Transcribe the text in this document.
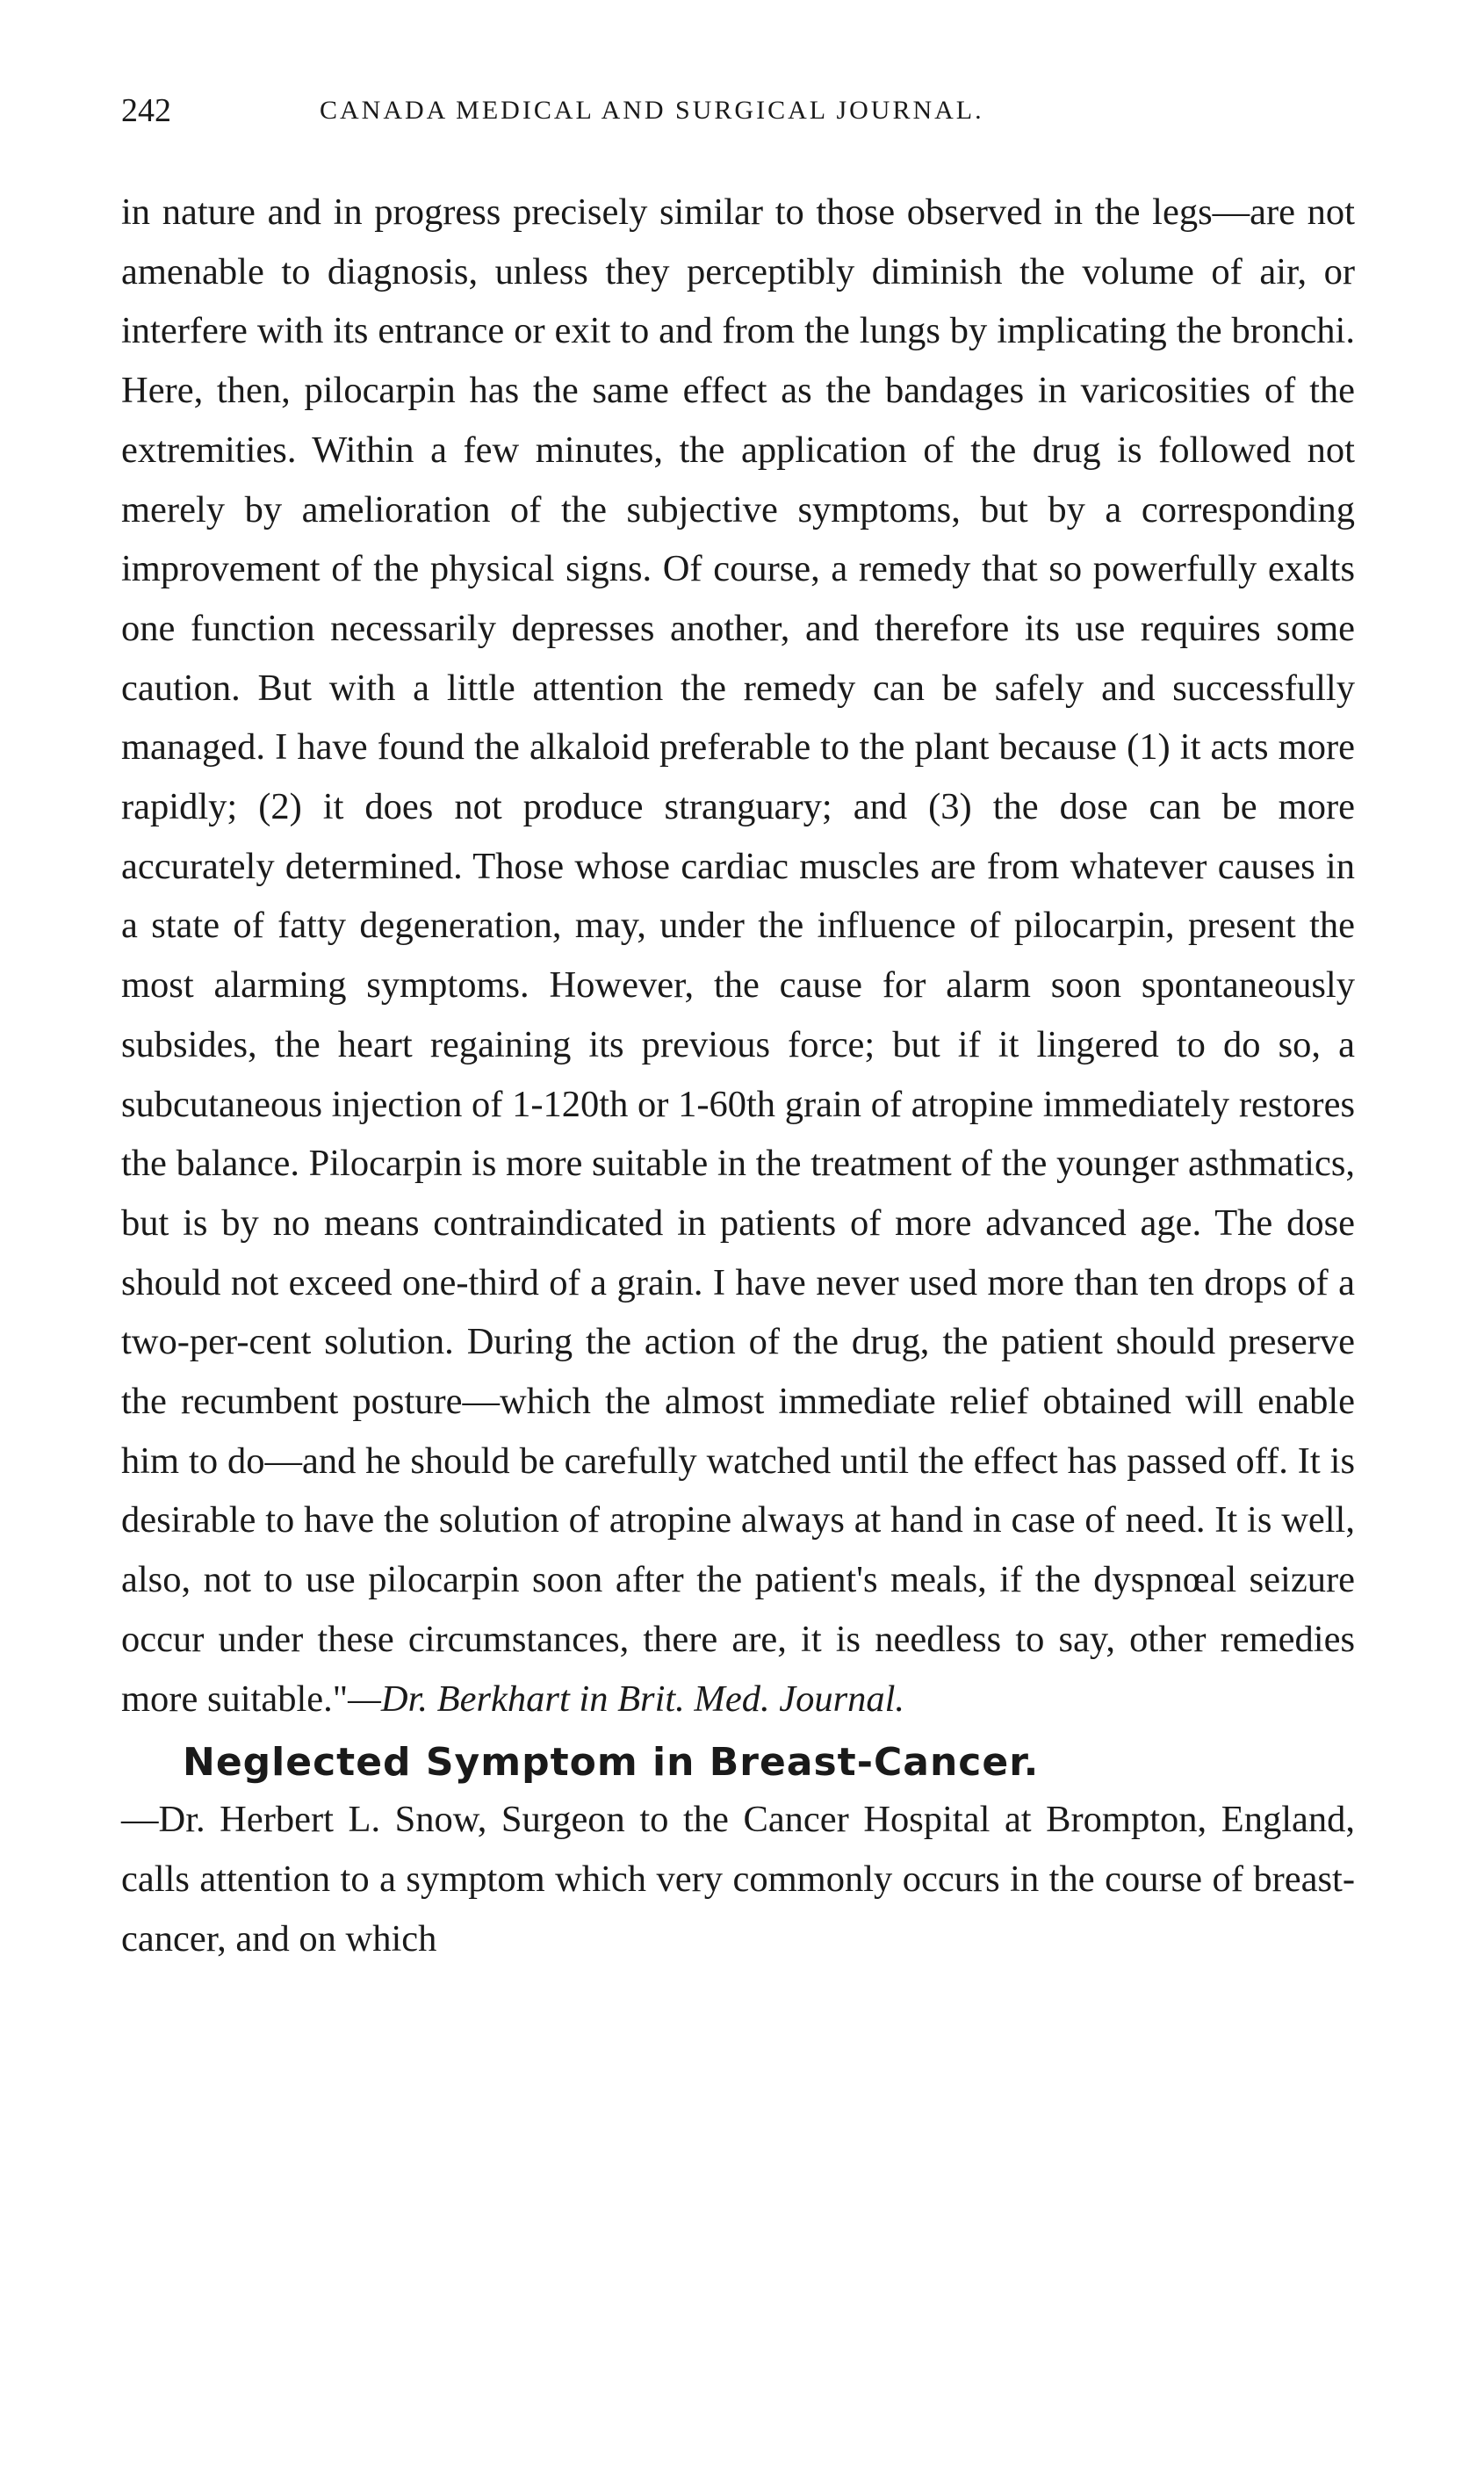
242	CANADA MEDICAL AND SURGICAL JOURNAL.

in nature and in progress precisely similar to those observed in the legs—are not amenable to diagnosis, unless they perceptibly diminish the volume of air, or interfere with its entrance or exit to and from the lungs by implicating the bronchi. Here, then, pilocarpin has the same effect as the bandages in varicosities of the extremities. Within a few minutes, the application of the drug is followed not merely by amelioration of the subjective symptoms, but by a corresponding improvement of the physical signs. Of course, a remedy that so powerfully exalts one function necessarily depresses another, and therefore its use requires some caution. But with a little attention the remedy can be safely and successfully managed. I have found the alkaloid preferable to the plant because (1) it acts more rapidly; (2) it does not produce stranguary; and (3) the dose can be more accurately determined. Those whose cardiac muscles are from whatever causes in a state of fatty degeneration, may, under the influence of pilocarpin, present the most alarming symptoms. However, the cause for alarm soon spontaneously subsides, the heart regaining its previous force; but if it lingered to do so, a subcutaneous injection of 1-120th or 1-60th grain of atropine immediately restores the balance. Pilocarpin is more suitable in the treatment of the younger asthmatics, but is by no means contraindicated in patients of more advanced age. The dose should not exceed one-third of a grain. I have never used more than ten drops of a two-per-cent solution. During the action of the drug, the patient should preserve the recumbent posture—which the almost immediate relief obtained will enable him to do—and he should be carefully watched until the effect has passed off. It is desirable to have the solution of atropine always at hand in case of need. It is well, also, not to use pilocarpin soon after the patient's meals, if the dyspnœal seizure occur under these circumstances, there are, it is needless to say, other remedies more suitable."—Dr. Berkhart in Brit. Med. Journal.

Neglected Symptom in Breast-Cancer.

—Dr. Herbert L. Snow, Surgeon to the Cancer Hospital at Brompton, England, calls attention to a symptom which very commonly occurs in the course of breast-cancer, and on which
